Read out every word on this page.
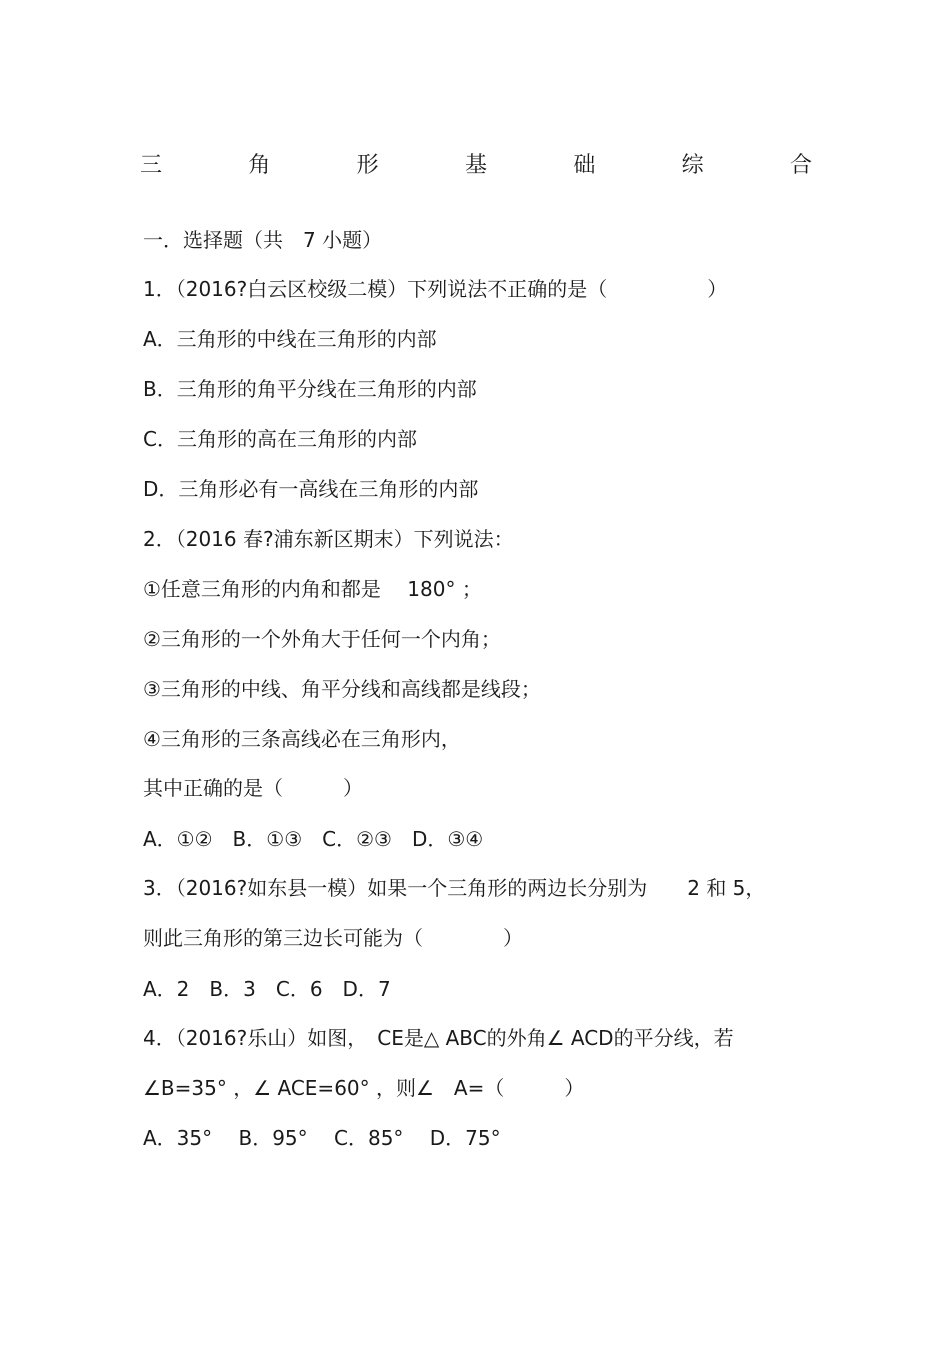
三	角	形	基	础	综	合
一．选择题（共　7 小题）
1．（2016?白云区校级二模）下列说法不正确的是（　　　　　）
A．三角形的中线在三角形的内部
B．三角形的角平分线在三角形的内部
C．三角形的高在三角形的内部
D．三角形必有一高线在三角形的内部
2．（2016 春?浦东新区期末）下列说法：
①任意三角形的内角和都是　 180° ；
②三角形的一个外角大于任何一个内角；
③三角形的中线、角平分线和高线都是线段；
④三角形的三条高线必在三角形内，
其中正确的是（　　　）
A．①②　B．①③　C．②③　D．③④
3．（2016?如东县一模）如果一个三角形的两边长分别为　　2 和 5，
则此三角形的第三边长可能为（　　　　）
A．2　B．3　C．6　D．7
4．（2016?乐山）如图，　CE是△ ABC的外角∠ ACD的平分线，若
∠B=35° ，∠ ACE=60° ，则∠　A=（　　　）
A．35°　 B．95°　 C．85°　 D．75°
